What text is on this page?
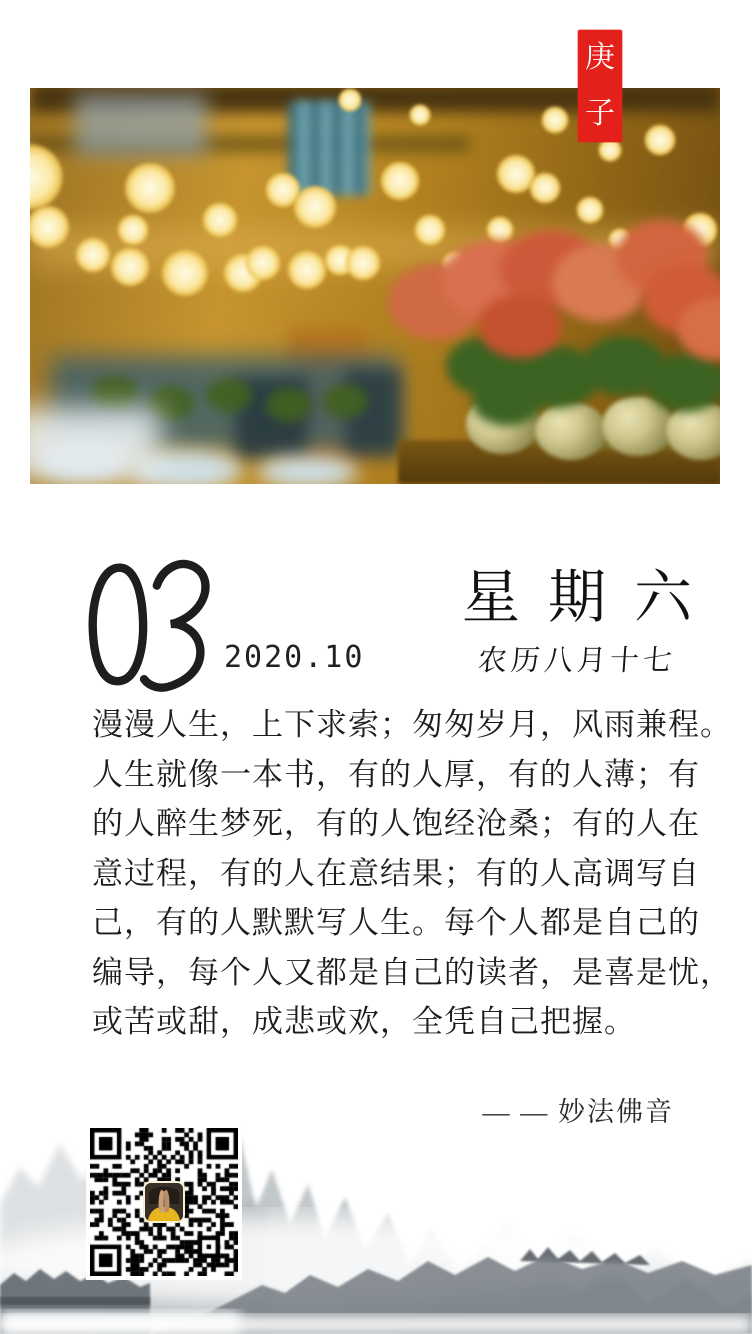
庚
子
2020.10
星期六
农历八月十七
漫漫人生，上下求索；匆匆岁月，风雨兼程。
人生就像一本书，有的人厚，有的人薄；有
的人醉生梦死，有的人饱经沧桑；有的人在
意过程，有的人在意结果；有的人高调写自
己，有的人默默写人生。每个人都是自己的
编导，每个人又都是自己的读者，是喜是忧，
或苦或甜，成悲或欢，全凭自己把握。
— — 妙法佛音
